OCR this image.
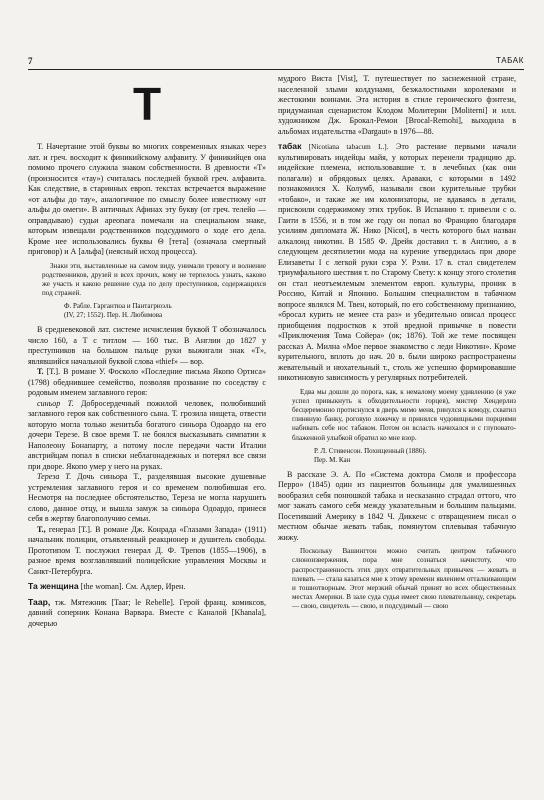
7	ТАБАК
Т

Т. Начертание этой буквы во многих современных языках через лат. и греч. восходит к финикийскому алфавиту. У финикийцев она помимо прочего служила знаком собственности. В древности «Т» (произносится «тау») считалась последней буквой греч. алфавита. Как следствие, в старинных европ. текстах встречается выражение «от альфы до тау», аналогичное по смыслу более известному «от альфы до омеги». В античных Афинах эту букву (от греч. телейо — оправдываю) судьи ареопага помечали на специальном знаке, которым извещали родственников подсудимого о ходе его дела. Кроме нее использовались буквы Θ [тета] (означала смертный приговор) и А [альфа] (неясный исход процесса).

Знаки эти, выставленные на самом виду, унимали тревогу и волнение родственников, друзей и всех прочих, кому не терпелось узнать, каково же участь и какою решение суда по делу преступников, содержащихся под стражей.

Ф. Рабле. Гаргантюа и Пантагрюэль
(IV, 27; 1552). Пер. Н. Любимова

В средневековой лат. системе исчисления буквой Т обозначалось число 160, а Т с титлом — 160 тыс. В Англии до 1827 у преступников на большом пальце руки выжигали знак «Т», являвшийся начальной буквой слова «thief» — вор.

Т. [Т.]. В романе У. Фосколо «Последние письма Якопо Ортиса» (1798) обеднившее семейство, позволяя прозвание по соседству с родовым именем заглавного героя:

синьор Т. Добросердечный пожилой человек, полюбивший заглавного героя как собственного сына. Т. грозила нищета, отвести которую могла только женитьба богатого синьора Одоардо на его дочери Терезе. В свое время Т. не боялся высказывать симпатии к Наполеону Бонапарту, а потому после передачи части Италии австрийцам попал в списки неблагонадежных и потерял все связи при дворе. Якопо умер у него на руках.

Тереза Т. Дочь синьора Т., разделявшая высокие душевные устремления заглавного героя и со временем полюбившая его. Несмотря на последнее обстоятельство, Тереза не могла нарушить слово, данное отцу, и вышла замуж за синьора Одоардо, принеся себя в жертву благополучию семьи.

Т., генерал [Т.]. В романе Дж. Конрада «Глазами Запада» (1911) начальник полиции, отъявленный реакционер и душитель свободы. Прототипом Т. послужил генерал Д. Ф. Трепов (1855—1906), в разное время возглавлявший полицейские управления Москвы и Санкт-Петербурга.

Та женщина [the woman]. См. Адлер, Ирен.

Таар, тж. Мятежник [Taar; le Rebelle]. Герой франц. комиксов, давний соперник Конана Варвара. Вместе с Каналой [Khanala], дочерью

мудрого Виста [Vist], Т. путешествует по заснеженной стране, населенной злыми колдунами, безжалостными королевами и жестокими воинами. Эта история в стиле героического фэнтези, придуманная сценаристом Клодом Молитерни [Moliterni] и илл. художником Дж. Брокал-Ремои [Brocal-Remohi], выходила в альбомах издательства «Dargaut» в 1976—88.

табак [Nicotiana tabacum L.]. Это растение первыми начали культивировать индейцы майя, у которых перенели традицию др. индейские племена, использовавшие т. в лечебных (как они полагали) и обрядовых целях. Араваки, с которыми в 1492 познакомился Х. Колумб, называли свои курительные трубки «тобако», и также же им колонизаторы, не вдаваясь в детали, присвоили содержимому этих трубок. В Испанию т. привезли с о. Гаити в 1556, и в том же году он попал во Францию благодаря усилиям дипломата Ж. Нико [Nicot], в честь которого был назван алкалоид никотин. В 1585 Ф. Дрейк доставил т. в Англию, а в следующем десятилетии мода на курение утвердилась при дворе Елизаветы I с легкой руки сэра У. Рэли. 17 в. стал свидетелем триумфального шествия т. по Старому Свету: к концу этого столетия он стал неотъемлемым элементом европ. культуры, проник в Россию, Китай и Японию. Большим специалистом в табачном вопросе являлся М. Твен, который, по его собственному признанию, «бросал курить не менее ста раз» и убедительно описал процесс приобщения подростков к этой вредной привычке в повести «Приключения Тома Сойера» (ок; 1876). Той же теме посвящен рассказ А. Милна «Мое первое знакомство с леди Никотин». Кроме курительного, вплоть до нач. 20 в. были широко распространены жевательный и нюхательный т., столь же успешно формировавшие никотиновую зависимость у регулярных потребителей.

Едва мы дошли до порога, как, к немалому моему удивлению (я уже успел привыкнуть к обходительности горцев), мистер Хендерлиз бесцеремонно протиснулся в дверь мимо меня, ринулся к комоду, схватил глиняную банку, роговую ложечку и принялся чудовищными порциями набивать себе нос табаком. Потом он всласть начихался и с глуповато-блаженной улыбкой обратил ко мне взор.

Р. Л. Стивенсон. Похищенный (1886).
Пер. М. Кан

В рассказе Э. А. По «Система доктора Смоля и профессора Перро» (1845) один из пациентов больницы для умалишенных вообразил себя понюшкой табака и несказанно страдал оттого, что мог зажать самого себя между указательным и большим пальцами. Посетивший Америку в 1842 Ч. Диккенс с отвращением писал о местном обычае жевать табак, помянутом сплевывая табачную жижу.

Поскольку Вашингтон можно считать центром табачного слюноизвержения, пора мне сознаться начистоту, что распространенность этих двух отвратительных привычек — жевать и плевать — стала казаться мне к этому времени явлением отталкивающим и тошнотворным. Этот мерзкий обычай принят во всех общественных местах Америки. В зале суда судья имеет свою плевательницу, секретарь — свою, свидетель — свою, и подсудимый — свою
